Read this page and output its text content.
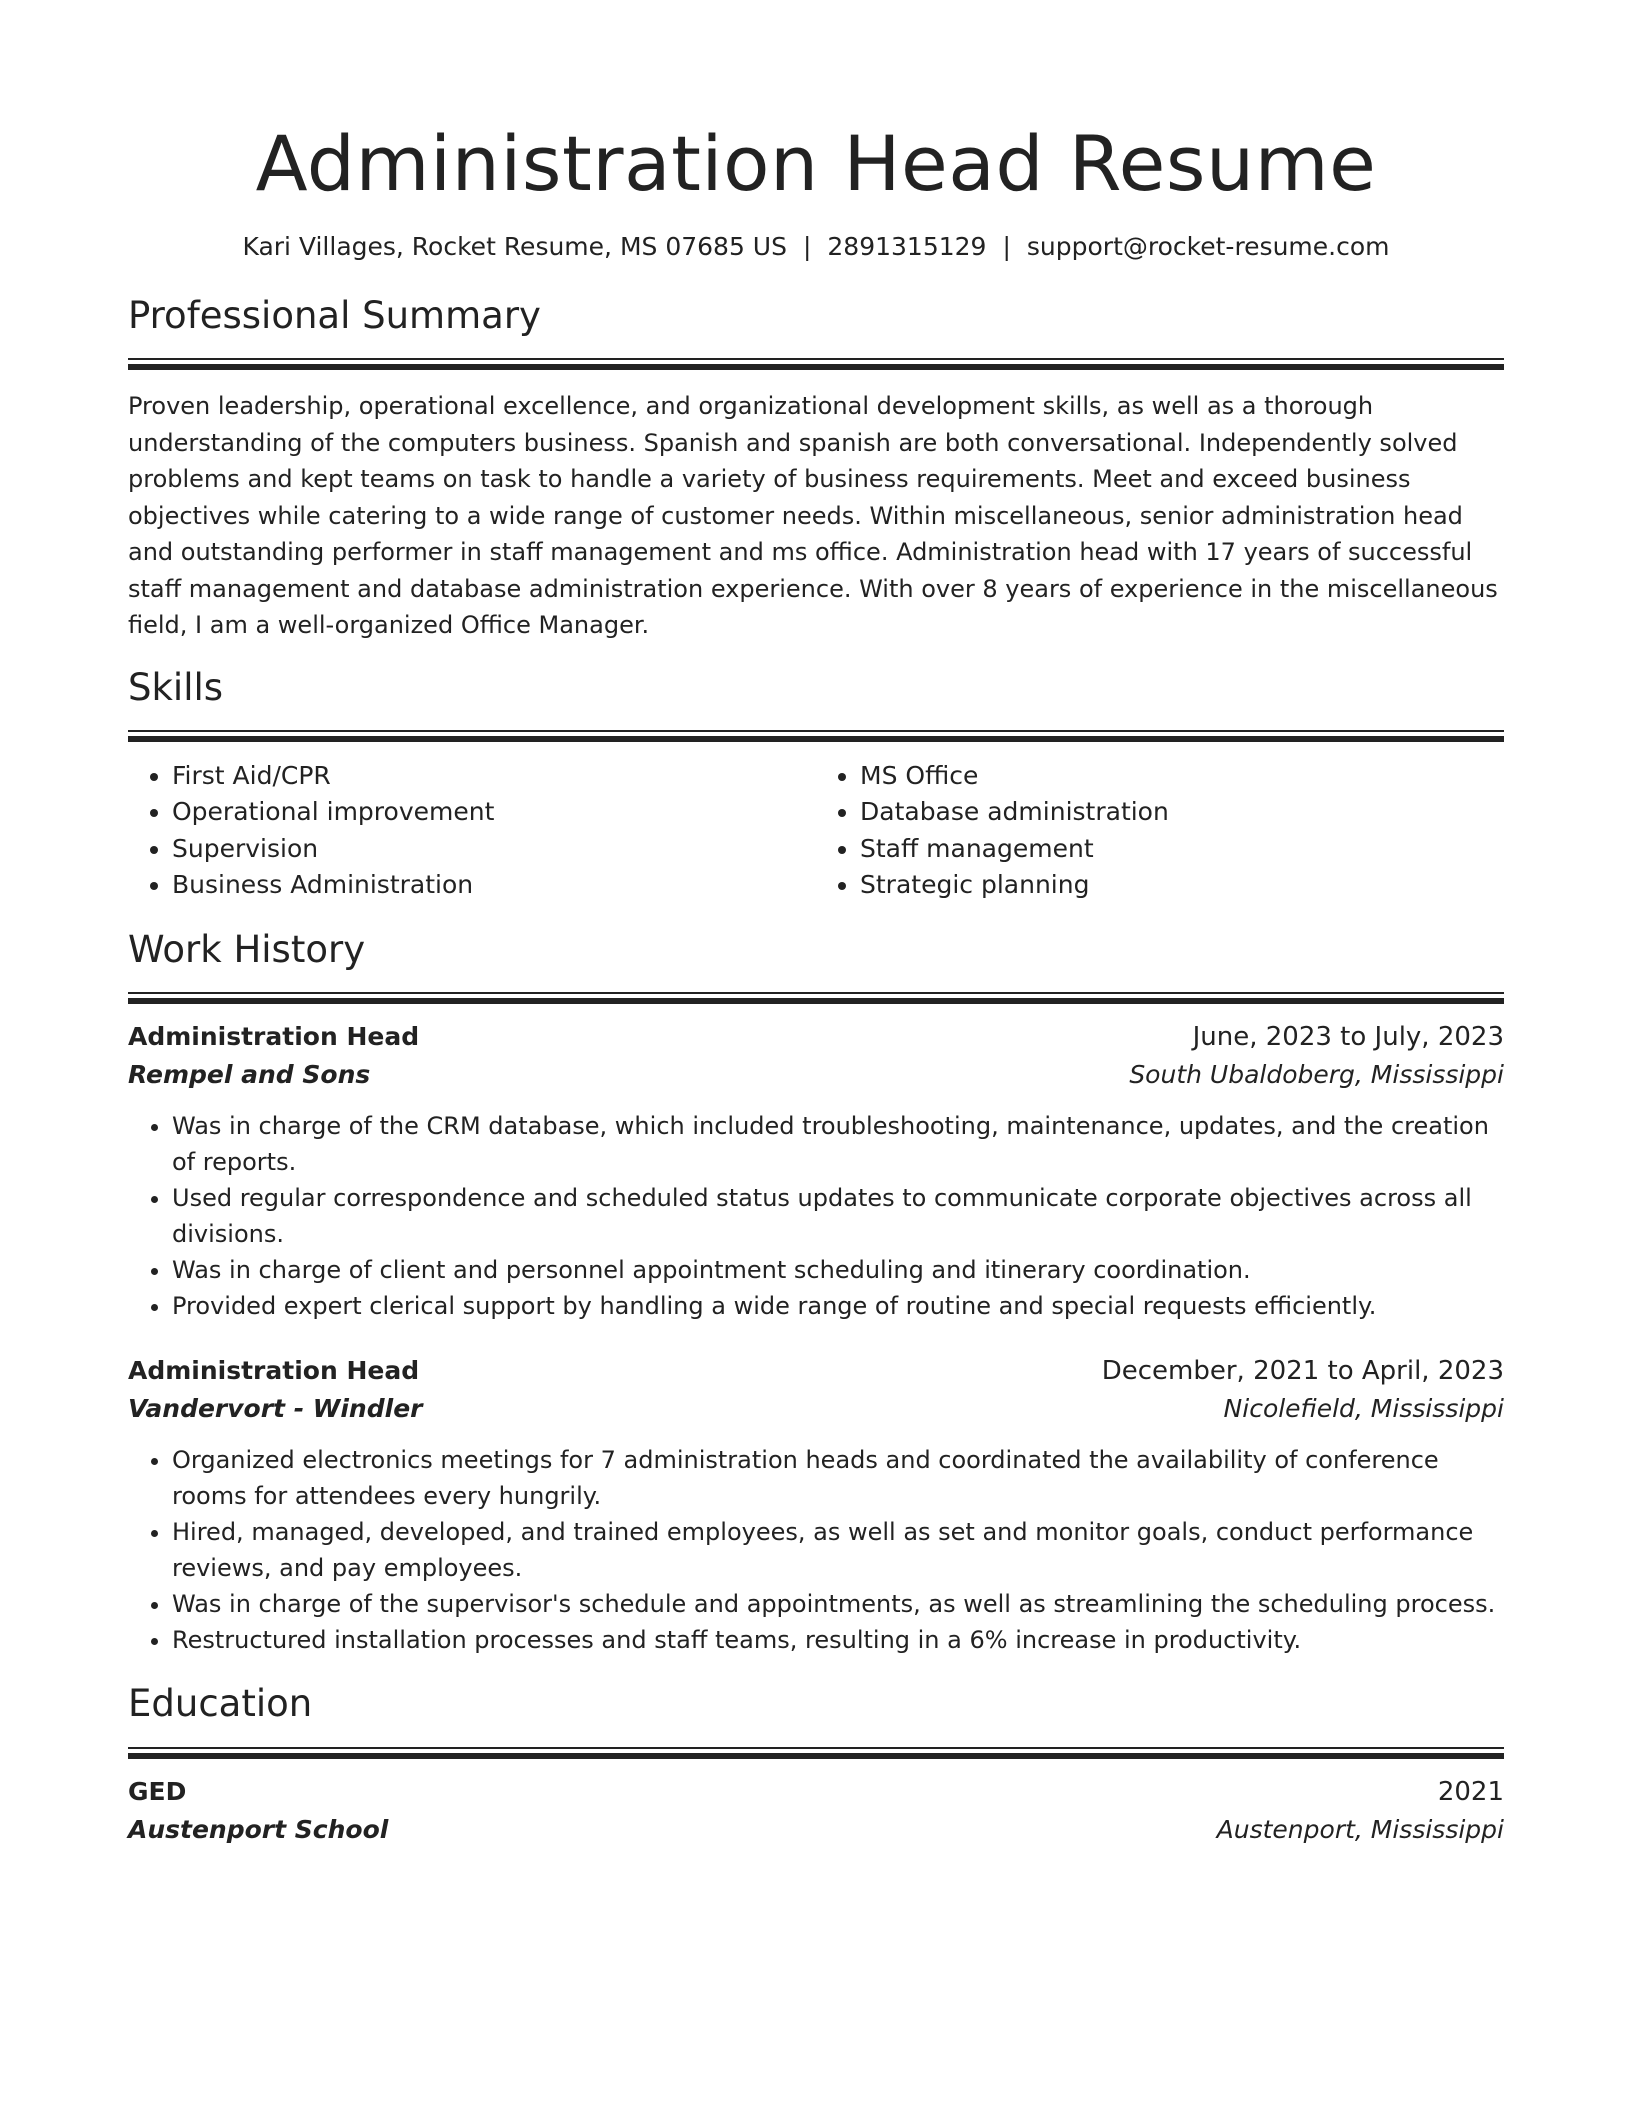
Administration Head Resume
Kari Villages, Rocket Resume, MS 07685 US | 2891315129 | support@rocket-resume.com
Professional Summary

Proven leadership, operational excellence, and organizational development skills, as well as a thorough understanding of the computers business. Spanish and spanish are both conversational. Independently solved problems and kept teams on task to handle a variety of business requirements. Meet and exceed business objectives while catering to a wide range of customer needs. Within miscellaneous, senior administration head and outstanding performer in staff management and ms office. Administration head with 17 years of successful staff management and database administration experience. With over 8 years of experience in the miscellaneous field, I am a well-organized Office Manager.

Skills
• First Aid/CPR
• Operational improvement
• Supervision
• Business Administration
• MS Office
• Database administration
• Staff management
• Strategic planning
Work History
Administration Head	June, 2023 to July, 2023
Rempel and Sons	South Ubaldoberg, Mississippi
• Was in charge of the CRM database, which included troubleshooting, maintenance, updates, and the creation of reports.
• Used regular correspondence and scheduled status updates to communicate corporate objectives across all divisions.
• Was in charge of client and personnel appointment scheduling and itinerary coordination.
• Provided expert clerical support by handling a wide range of routine and special requests efficiently.
Administration Head	December, 2021 to April, 2023
Vandervort - Windler	Nicolefield, Mississippi
• Organized electronics meetings for 7 administration heads and coordinated the availability of conference rooms for attendees every hungrily.
• Hired, managed, developed, and trained employees, as well as set and monitor goals, conduct performance reviews, and pay employees.
• Was in charge of the supervisor's schedule and appointments, as well as streamlining the scheduling process.
• Restructured installation processes and staff teams, resulting in a 6% increase in productivity.
Education
GED	2021
Austenport School	Austenport, Mississippi
